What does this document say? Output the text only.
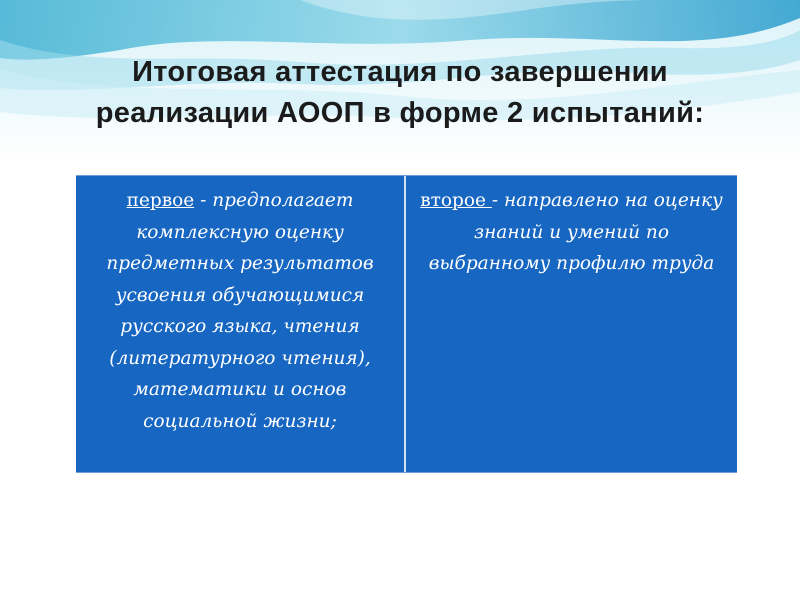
Итоговая аттестация по завершении
реализации АООП в форме 2 испытаний:
первое - предполагает комплексную оценку предметных результатов усвоения обучающимися русского языка, чтения (литературного чтения), математики и основ социальной жизни;
второе - направлено на оценку знаний и умений по выбранному профилю труда
